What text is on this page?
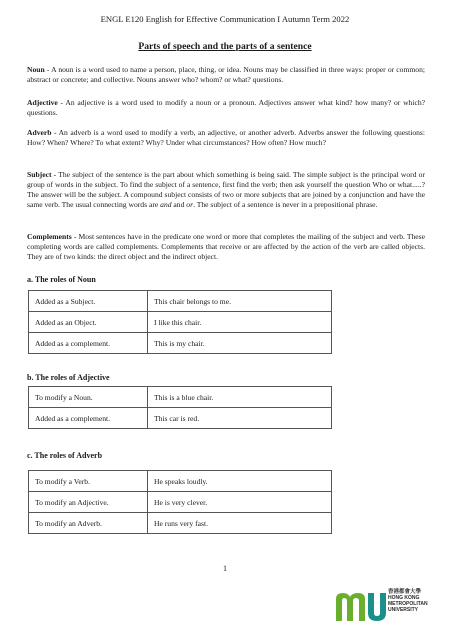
ENGL E120 English for Effective Communication I Autumn Term 2022
Parts of speech and the parts of a sentence
Noun - A noun is a word used to name a person, place, thing, or idea. Nouns may be classified in three ways: proper or common; abstract or concrete; and collective. Nouns answer who? whom? or what? questions.
Adjective - An adjective is a word used to modify a noun or a pronoun. Adjectives answer what kind? how many? or which? questions.
Adverb - An adverb is a word used to modify a verb, an adjective, or another adverb. Adverbs answer the following questions: How? When? Where? To what extent? Why? Under what circumstances? How often? How much?
Subject - The subject of the sentence is the part about which something is being said. The simple subject is the principal word or group of words in the subject. To find the subject of a sentence, first find the verb; then ask yourself the question Who or what.....? The answer will be the subject. A compound subject consists of two or more subjects that are joined by a conjunction and have the same verb. The usual connecting words are and and or. The subject of a sentence is never in a prepositional phrase.
Complements - Most sentences have in the predicate one word or more that completes the mailing of the subject and verb. These completing words are called complements. Complements that receive or are affected by the action of the verb are called objects. They are of two kinds: the direct object and the indirect object.
a. The roles of Noun
Added as a Subject.	This chair belongs to me.
Added as an Object.	I like this chair.
Added as a complement.	This is my chair.
b. The roles of Adjective
To modify a Noun.	This is a blue chair.
Added as a complement.	This car is red.
c. The roles of Adverb
To modify a Verb.	He speaks loudly.
To modify an Adjective.	He is very clever.
To modify an Adverb.	He runs very fast.
1
香港都會大學
HONG KONG
METROPOLITAN
UNIVERSITY
